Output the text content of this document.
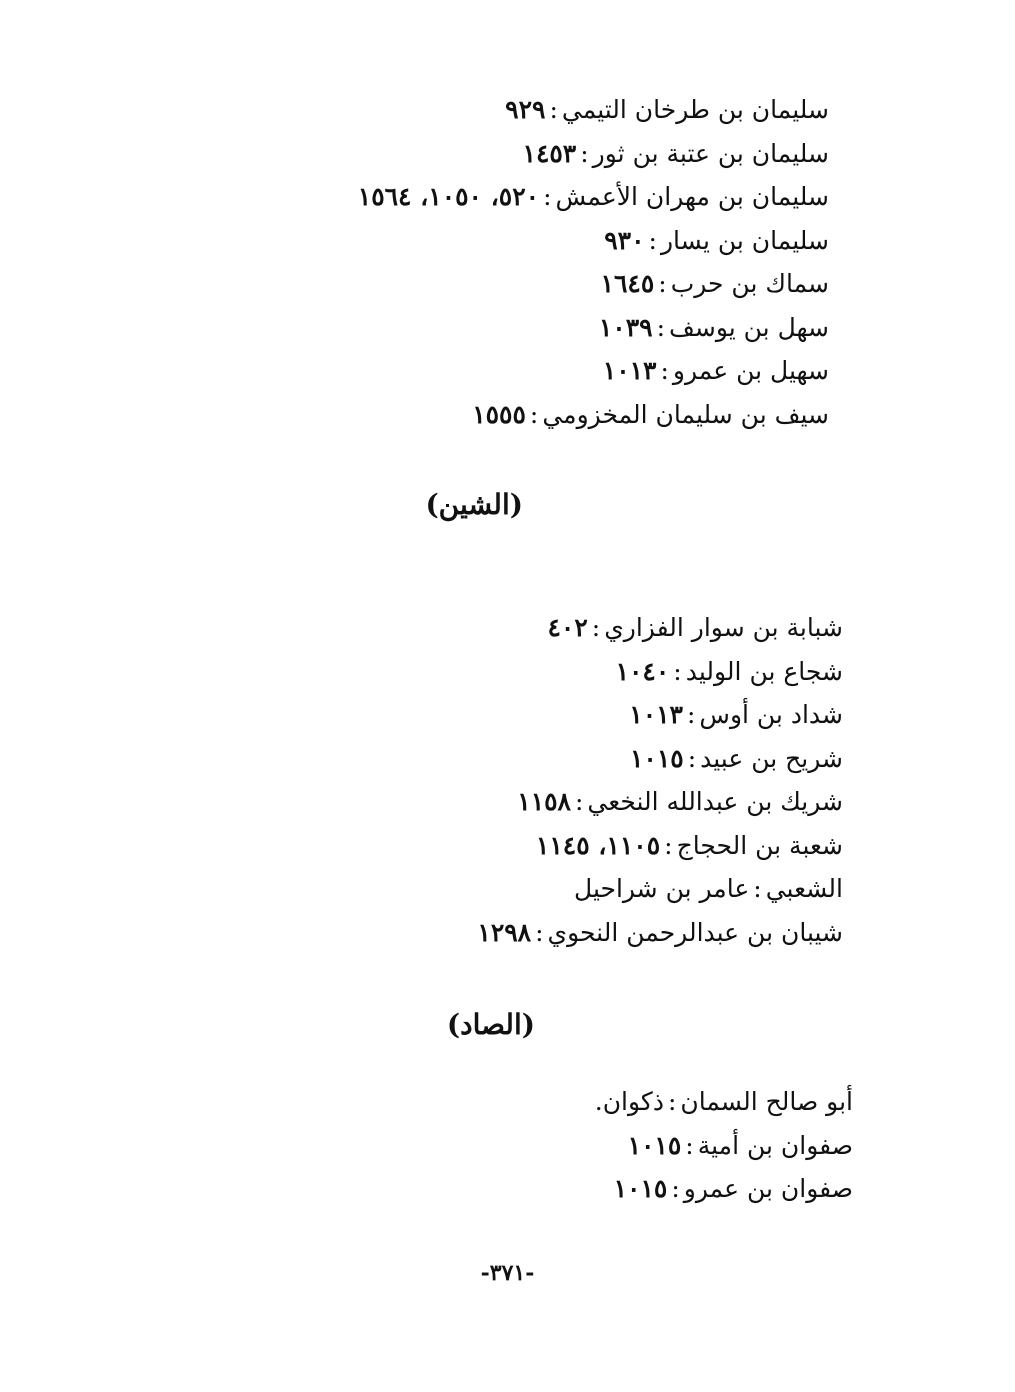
سليمان بن طرخان التيمي:٩٢٩
سليمان بن عتبة بن ثور:١٤٥٣
سليمان بن مهران الأعمش:٥٢٠، ١٠٥٠، ١٥٦٤
سليمان بن يسار:٩٣٠
سماك بن حرب:١٦٤٥
سهل بن يوسف:١٠٣٩
سهيل بن عمرو:١٠١٣
سيف بن سليمان المخزومي:١٥٥٥
(الشين)
شبابة بن سوار الفزاري:٤٠٢
شجاع بن الوليد:١٠٤٠
شداد بن أوس:١٠١٣
شريح بن عبيد:١٠١٥
شريك بن عبدالله النخعي:١١٥٨
شعبة بن الحجاج:١١٠٥، ١١٤٥
الشعبي:عامر بن شراحيل
شيبان بن عبدالرحمن النحوي:١٢٩٨
(الصاد)
أبو صالح السمان:ذكوان.
صفوان بن أمية:١٠١٥
صفوان بن عمرو:١٠١٥
-٣٧١-
